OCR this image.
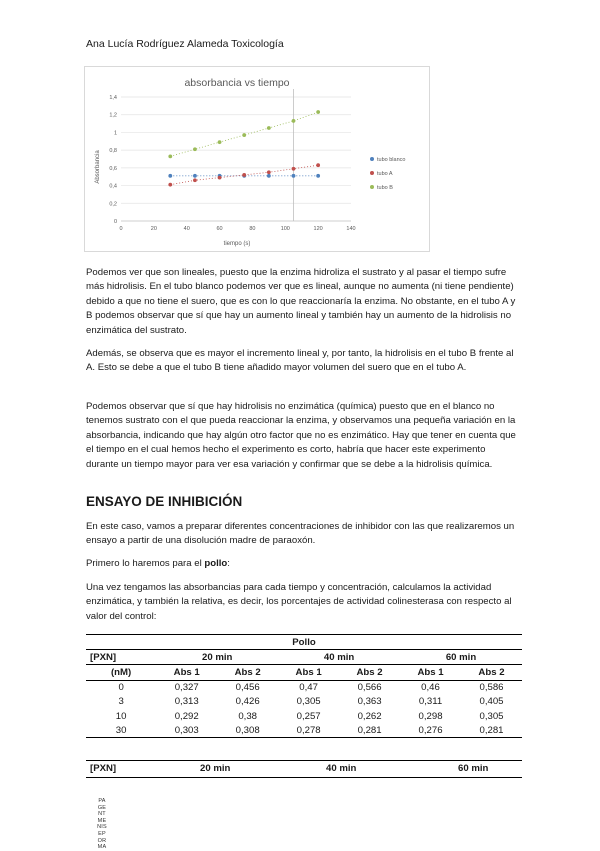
Ana Lucía Rodríguez Alameda Toxicología
absorbancia vs tiempo
0
0,2
0,4
0,6
0,8
1
1,2
1,4
0	20	40	60	80	100	120	140
tubo blanco
tubo A
tubo B
tiempo (s)
Absorbancia

Podemos ver que son lineales, puesto que la enzima hidroliza el sustrato y al pasar el tiempo sufre más hidrolisis. En el tubo blanco podemos ver que es lineal, aunque no aumenta (ni tiene pendiente) debido a que no tiene el suero, que es con lo que reaccionaría la enzima. No obstante, en el tubo A y B podemos observar que sí que hay un aumento lineal y también hay un aumento de la hidrolisis no enzimática del sustrato.

Además, se observa que es mayor el incremento lineal y, por tanto, la hidrolisis en el tubo B frente al A. Esto se debe a que el tubo B tiene añadido mayor volumen del suero que en el tubo A.

Podemos observar que sí que hay hidrolisis no enzimática (química) puesto que en el blanco no tenemos sustrato con el que pueda reaccionar la enzima, y observamos una pequeña variación en la absorbancia, indicando que hay algún otro factor que no es enzimático. Hay que tener en cuenta que el tiempo en el cual hemos hecho el experimento es corto, habría que hacer este experimento durante un tiempo mayor para ver esa variación y confirmar que se debe a la hidrolisis química.

ENSAYO DE INHIBICIÓN

En este caso, vamos a preparar diferentes concentraciones de inhibidor con las que realizaremos un ensayo a partir de una disolución madre de paraoxón.

Primero lo haremos para el pollo:

Una vez tengamos las absorbancias para cada tiempo y concentración, calculamos la actividad enzimática, y también la relativa, es decir, los porcentajes de actividad colinesterasa con respecto al valor del control:

Pollo						
[PXN]	20 min		40 min		60 min	
(nM)	Abs 1	Abs 2	Abs 1	Abs 2	Abs 1	Abs 2
0	0,327	0,456	0,47	0,566	0,46	0,586
3	0,313	0,426	0,305	0,363	0,311	0,405
10	0,292	0,38	0,257	0,262	0,298	0,305
30	0,303	0,308	0,278	0,281	0,276	0,281
[PXN]	20 min	40 min	60 min
PA
GE
NT
ME
NIS
EP
OR
MA
